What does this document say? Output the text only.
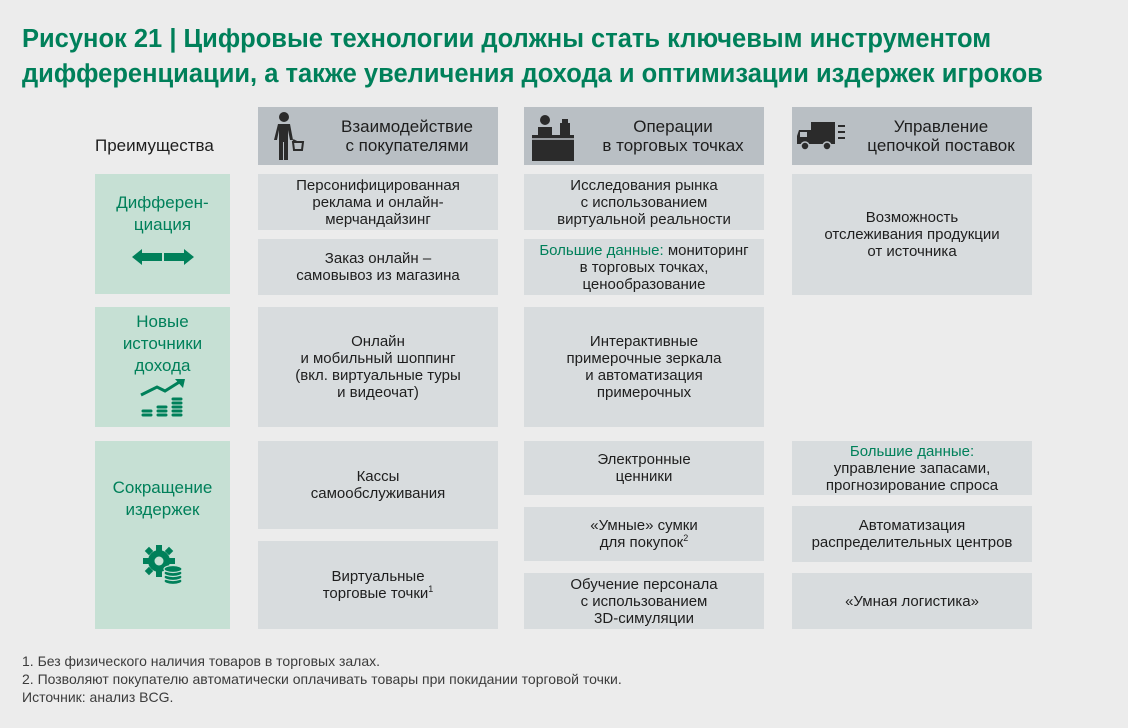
Рисунок 21 | Цифровые технологии должны стать ключевым инструментом
дифференциации, а также увеличения дохода и оптимизации издержек игроков
Преимущества
Взаимодействие
с покупателями
Операции
в торговых точках
Управление
цепочкой поставок
Дифферен-
циация
Новые
источники
дохода
Сокращение
издержек
Персонифицированная
реклама и онлайн-
мерчандайзинг
Заказ онлайн –
самовывоз из магазина
Онлайн
и мобильный шоппинг
(вкл. виртуальные туры
и видеочат)
Кассы
самообслуживания
Виртуальные
торговые точки$^1$
Исследования рынка
с использованием
виртуальной реальности
Большие данные: мониторинг
в торговых точках,
ценообразование
Интерактивные
примерочные зеркала
и автоматизация
примерочных
Электронные
ценники
«Умные» сумки
для покупок$^2$
Обучение персонала
с использованием
3D-симуляции
Возможность
отслеживания продукции
от источника
Большие данные:
управление запасами,
прогнозирование спроса
Автоматизация
распределительных центров
«Умная логистика»
1. Без физического наличия товаров в торговых залах.
2. Позволяют покупателю автоматически оплачивать товары при покидании торговой точки.
Источник: анализ BCG.
